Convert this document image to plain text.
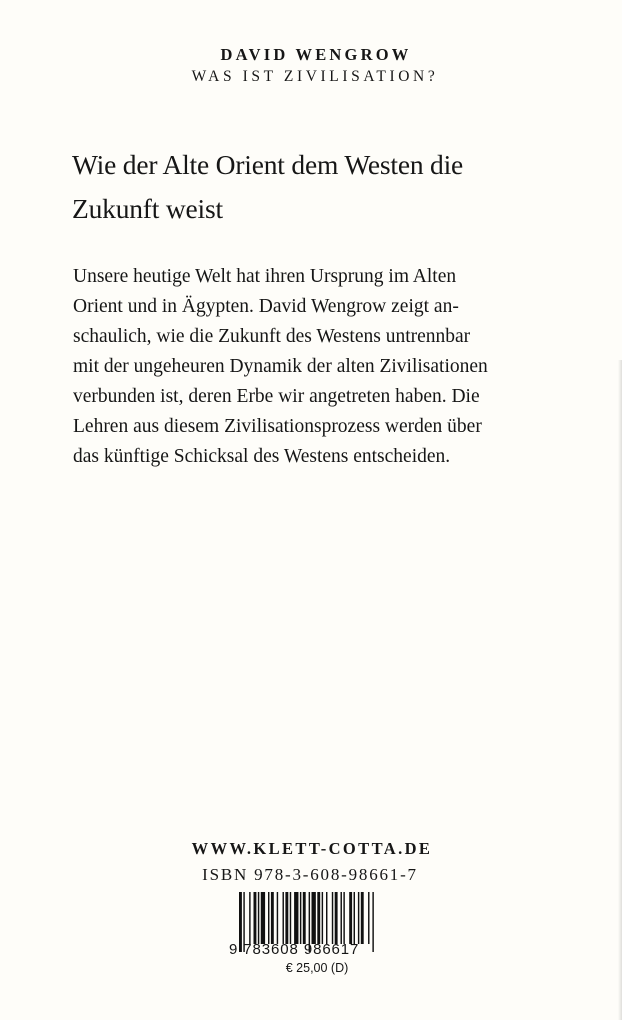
DAVID WENGROW
WAS IST ZIVILISATION?
Wie der Alte Orient dem Westen die
Zukunft weist
Unsere heutige Welt hat ihren Ursprung im Alten
Orient und in Ägypten. David Wengrow zeigt an-
schaulich, wie die Zukunft des Westens untrennbar
mit der ungeheuren Dynamik der alten Zivilisationen
verbunden ist, deren Erbe wir angetreten haben. Die
Lehren aus diesem Zivilisationsprozess werden über
das künftige Schicksal des Westens entscheiden.
WWW.KLETT-COTTA.DE
ISBN 978-3-608-98661-7
9 783608 986617
€ 25,00 (D)
